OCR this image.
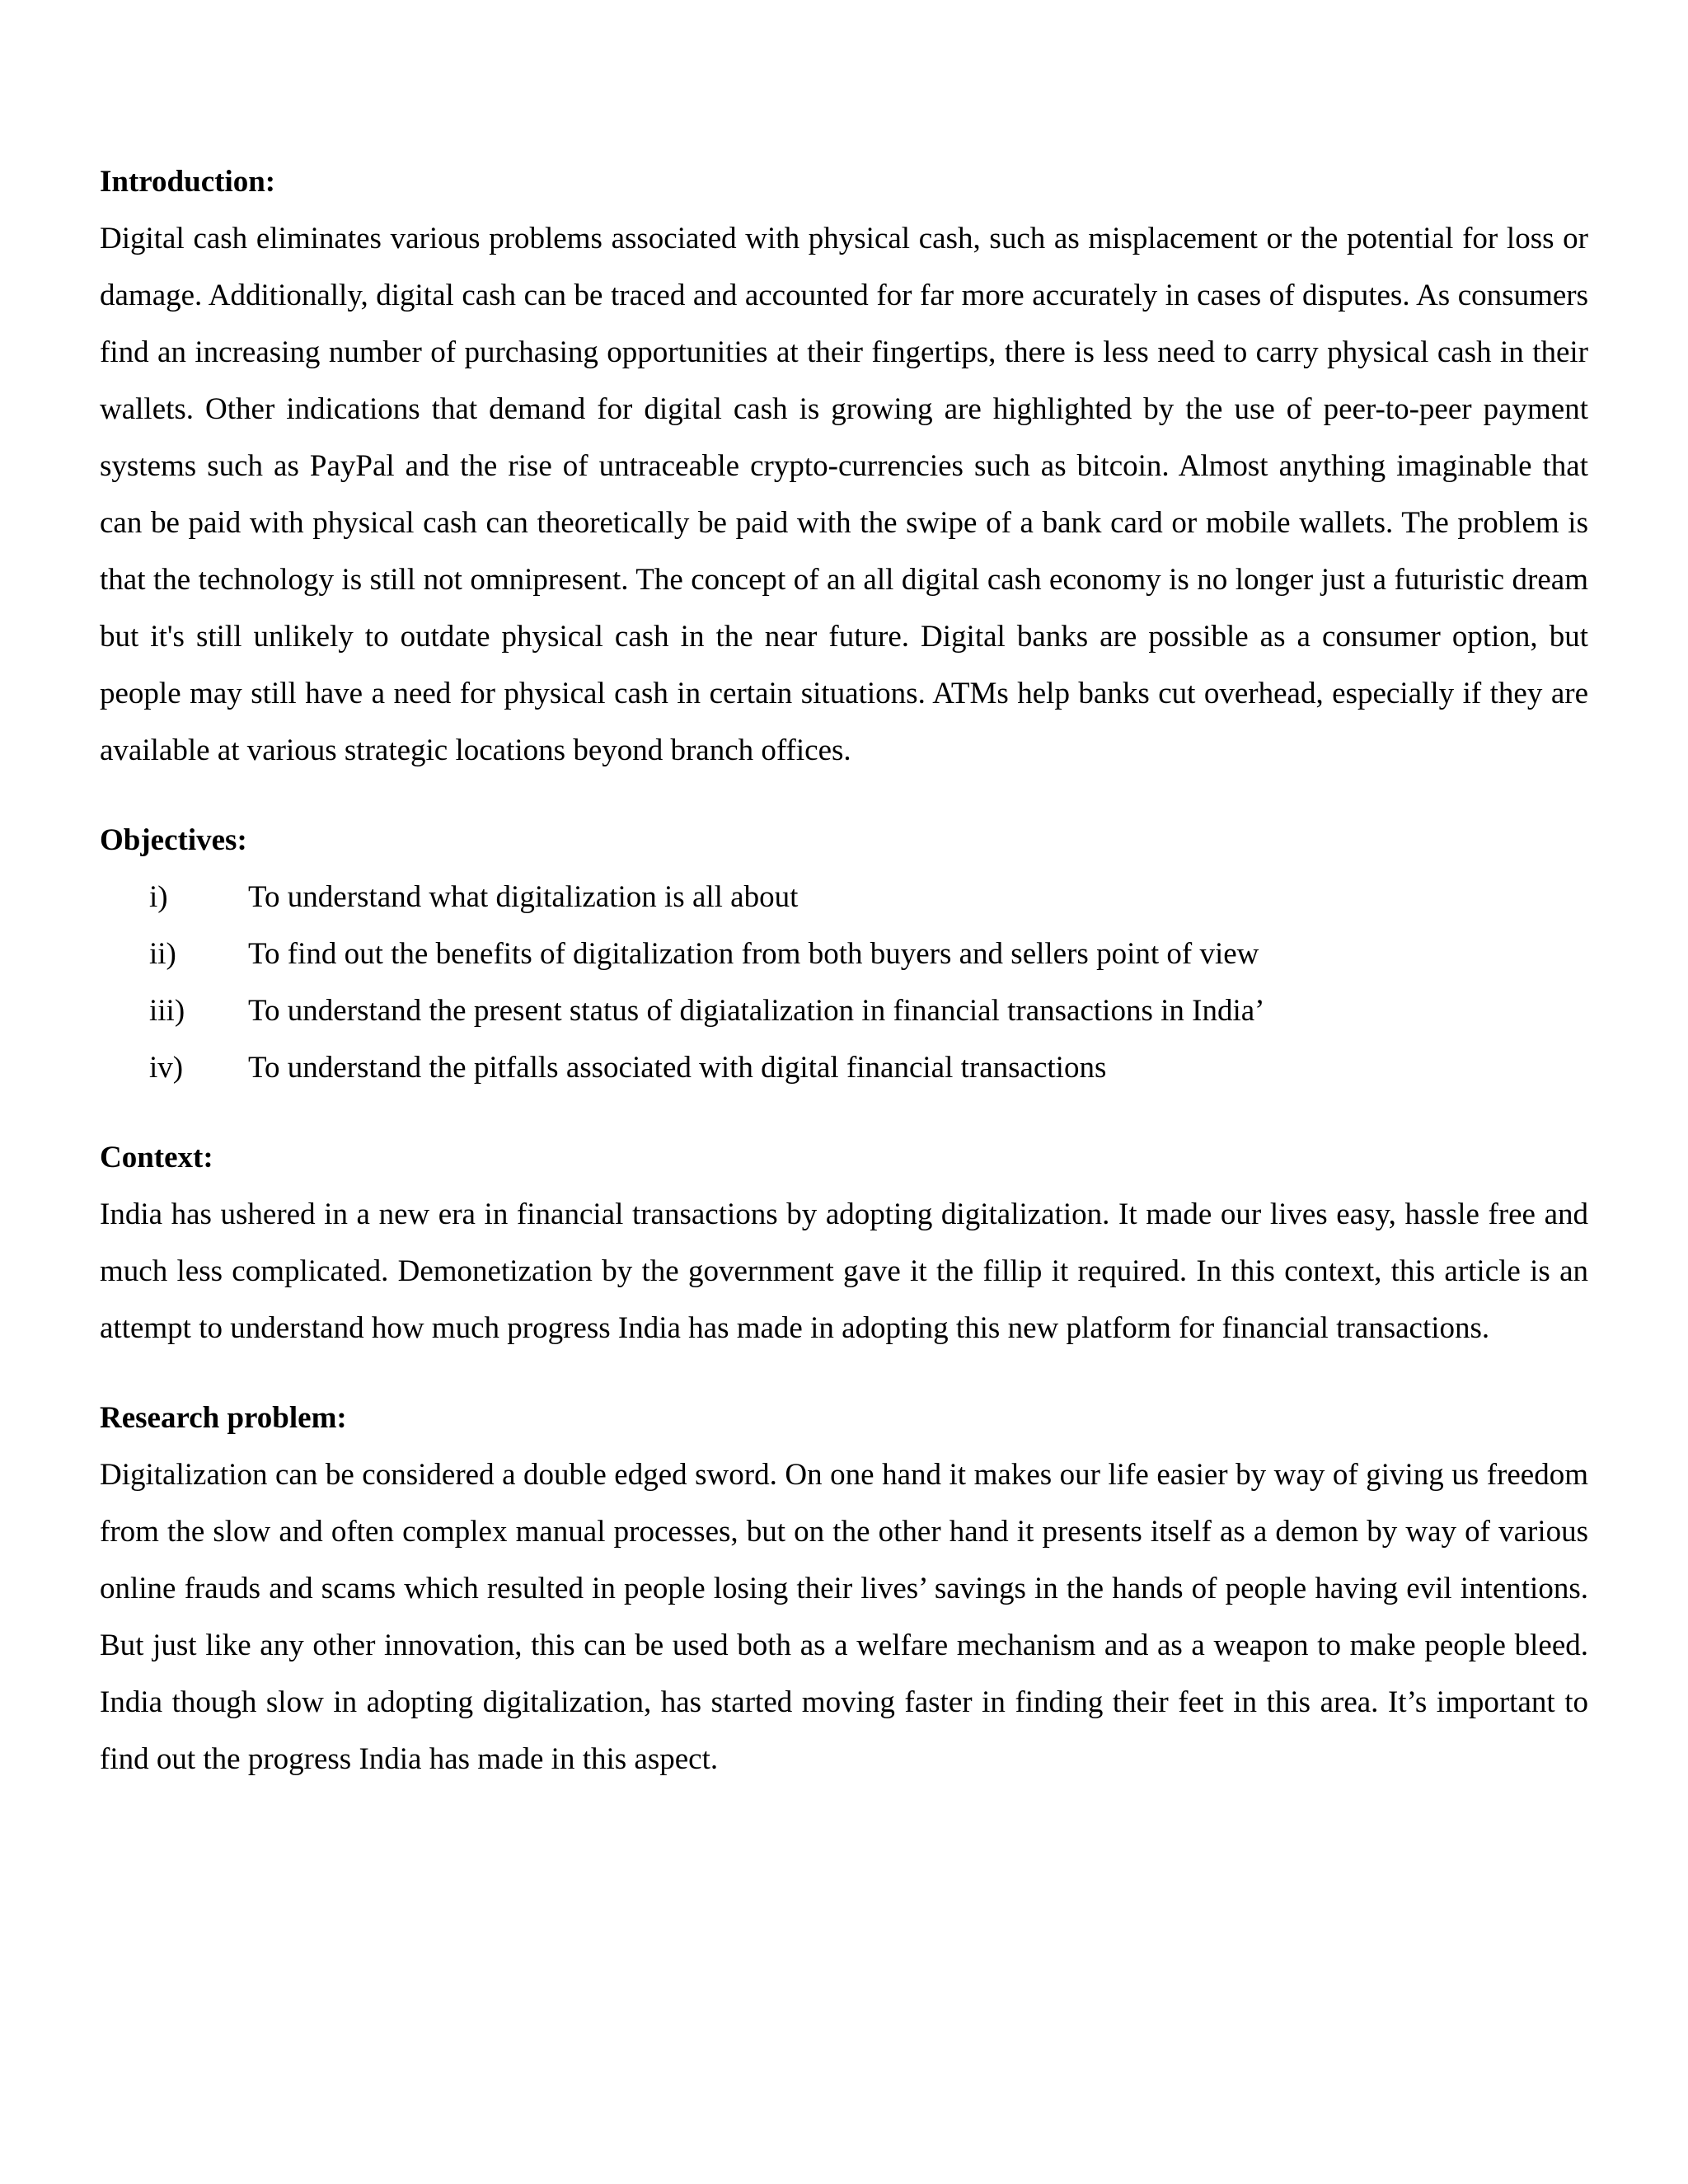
Introduction:

Digital cash eliminates various problems associated with physical cash, such as misplacement or the potential for loss or damage. Additionally, digital cash can be traced and accounted for far more accurately in cases of disputes. As consumers find an increasing number of purchasing opportunities at their fingertips, there is less need to carry physical cash in their wallets. Other indications that demand for digital cash is growing are highlighted by the use of peer-to-peer payment systems such as PayPal and the rise of untraceable crypto-currencies such as bitcoin. Almost anything imaginable that can be paid with physical cash can theoretically be paid with the swipe of a bank card or mobile wallets. The problem is that the technology is still not omnipresent. The concept of an all digital cash economy is no longer just a futuristic dream but it's still unlikely to outdate physical cash in the near future. Digital banks are possible as a consumer option, but people may still have a need for physical cash in certain situations. ATMs help banks cut overhead, especially if they are available at various strategic locations beyond branch offices.

Objectives:

i)	To understand what digitalization is all about
ii)	To find out the benefits of digitalization from both buyers and sellers point of view
iii)	To understand the present status of digiatalization in financial transactions in India’
iv)	To understand the pitfalls associated with digital financial transactions

Context:

India has ushered in a new era in financial transactions by adopting digitalization. It made our lives easy, hassle free and much less complicated. Demonetization by the government gave it the fillip it required. In this context, this article is an attempt to understand how much progress India has made in adopting this new platform for financial transactions.

Research problem:

Digitalization can be considered a double edged sword. On one hand it makes our life easier by way of giving us freedom from the slow and often complex manual processes, but on the other hand it presents itself as a demon by way of various online frauds and scams which resulted in people losing their lives’ savings in the hands of people having evil intentions. But just like any other innovation, this can be used both as a welfare mechanism and as a weapon to make people bleed. India though slow in adopting digitalization, has started moving faster in finding their feet in this area. It’s important to find out the progress India has made in this aspect.
